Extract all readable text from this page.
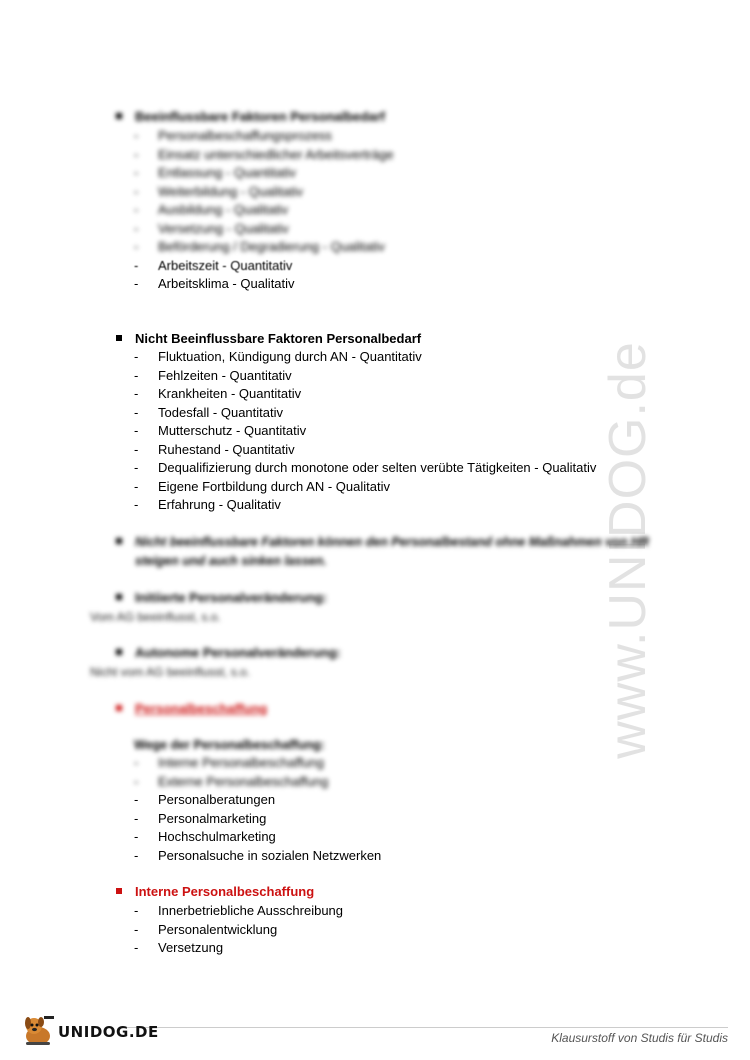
www.UNIDOG.de
Beeinflussbare Faktoren Personalbedarf
- Personalbeschaffungsprozess
- Einsatz unterschiedlicher Arbeitsverträge
- Entlassung - Quantitativ
- Weiterbildung - Qualitativ
- Ausbildung - Qualitativ
- Versetzung - Qualitativ
- Beförderung / Degradierung - Qualitativ
- Arbeitszeit - Quantitativ
- Arbeitsklima - Qualitativ
Nicht Beeinflussbare Faktoren Personalbedarf
- Fluktuation, Kündigung durch AN - Quantitativ
- Fehlzeiten - Quantitativ
- Krankheiten - Quantitativ
- Todesfall - Quantitativ
- Mutterschutz - Quantitativ
- Ruhestand - Quantitativ
- Dequalifizierung durch monotone oder selten verübte Tätigkeiten - Qualitativ
- Eigene Fortbildung durch AN - Qualitativ
- Erfahrung - Qualitativ
Nicht beeinflussbare Faktoren können den Personalbestand ohne Maßnahmen von HR steigen und auch sinken lassen.
Initiierte Personalveränderung:
Vom AG beeinflusst, s.o.
Autonome Personalveränderung:
Nicht vom AG beeinflusst, s.o.
Personalbeschaffung
Wege der Personalbeschaffung:
- Interne Personalbeschaffung
- Externe Personalbeschaffung
- Personalberatungen
- Personalmarketing
- Hochschulmarketing
- Personalsuche in sozialen Netzwerken
Interne Personalbeschaffung
- Innerbetriebliche Ausschreibung
- Personalentwicklung
- Versetzung
UNIDOG.DE	Klausurstoff von Studis für Studis
